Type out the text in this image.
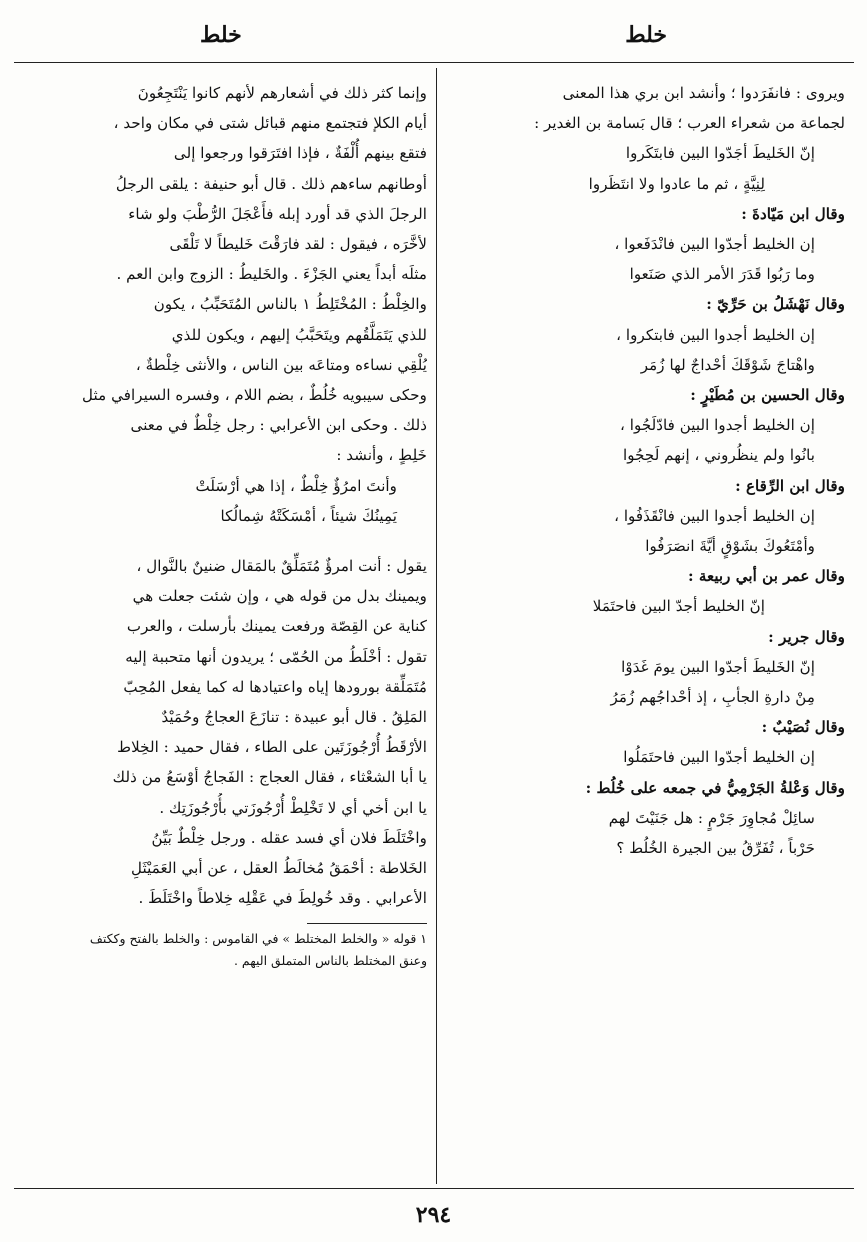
خلط
خلط
ويروى : فانفَرَدوا ؛ وأنشد ابن بري هذا المعنى
لجماعة من شعراء العرب ؛ قال بَسامة بن الغدير :
إنّ الخَليطَ أجَدّوا البين فابتَكَروا
لِنِيَّةٍ ، ثم ما عادوا ولا انتَظَروا
وقال ابن مَيّادةَ :
إن الخليط أجدّوا البين فانْدَفَعوا ،
وما رَبُوا قَدَرَ الأمر الذي صَنَعوا
وقال نَهْشَلُ بن حَرِّيّ :
إن الخليط أجدوا البين فابتكروا ،
واهْتاجَ شَوْقَكَ أحْداجٌ لها زُمَر
وقال الحسين بن مُطَيْرٍ :
إن الخليط أجدوا البين فادّلَجُوا ،
بانُوا ولم ينظُروني ، إنهم لَحِجُوا
وقال ابن الرِّقاع :
إن الخليط أجدوا البين فانْقَذَفُوا ،
وأمْتَعُوكَ بشَوْقٍ أيَّةَ انصَرَفُوا
وقال عمر بن أبي ربيعة :
إنّ الخليط أجدّ البين فاحتَمَلا
وقال جرير :
إنّ الخَليطَ أجدّوا البين يومَ غَدَوْا
مِنْ دارةِ الجأبِ ، إذ أحْداجُهم زُمَرُ
وقال نُصَيْبٌ :
إن الخليط أجدّوا البين فاحتَمَلُوا
وقال وَعْلةُ الجَرْمِيُّ في جمعه على خُلُط :
سائِلْ مُجاوِرَ جَرْمٍ : هل جَنَيْتَ لهم
حَرْباً ، تُفَرِّقُ بين الجيرة الخُلُط ؟
وإنما كثر ذلك في أشعارهم لأنهم كانوا يَنْتَجِعُونَ
أيام الكلإ فتجتمع منهم قبائل شتى في مكان واحد ،
فتقع بينهم أُلْفَةٌ ، فإذا افتَرَقوا ورجعوا إلى
أوطانهم ساءهم ذلك . قال أبو حنيفة : يلقى الرجلُ
الرجلَ الذي قد أورد إبله فأَعْجَلَ الرُّطْبَ ولو شاء
لأخَّرَه ، فيقول : لقد فارَقْتَ خَليطاً لا تَلْقَى
مثلَه أبداً يعني الجَزْءَ . والخَليطُ : الزوج وابن العم .
والخِلْطُ : المُخْتَلِطُ ١ بالناس المُتَحَبِّبُ ، يكون
للذي يَتَمَلَّقُهم ويتَحَبَّبُ إليهم ، ويكون للذي
يُلْقِي نساءه ومتاعَه بين الناس ، والأنثى خِلْطةٌ ،
وحكى سيبويه خُلُطٌ ، بضم اللام ، وفسره السيرافي مثل
ذلك . وحكى ابن الأعرابي : رجل خِلْطٌ في معنى
خَلِطٍ ، وأنشد :
وأنتَ امرُؤٌ خِلْطٌ ، إذا هي أرْسَلَتْ
يَمِينُكَ شيئاً ، أمْسَكَتْهُ شِمالُكا
يقول : أنت امرؤٌ مُتَمَلِّقٌ بالمَقال ضنينٌ بالنَّوال ،
ويمينك بدل من قوله هي ، وإن شئت جعلت هي
كناية عن القِصّة ورفعت يمينك بأرسلت ، والعرب
تقول : أخْلَطُ من الحُمّى ؛ يريدون أنها متحببة إليه
مُتَمَلِّقة بورودها إياه واعتيادها له كما يفعل المُحِبّ
المَلِقُ . قال أبو عبيدة : تنازَعَ العجاجُ وحُمَيْدٌ
الأرْقَطُ أُرْجُوزَتَين على الطاء ، فقال حميد : الخِلاط
يا أبا الشعْثاء ، فقال العجاج : الفَجاجُ أوْسَعُ من ذلك
يا ابن أخي أي لا تَخْلِطْ أُرْجُوزَتي بأُرْجُوزَتِك .
واخْتَلَطَ فلان أي فسد عقله . ورجل خِلْطٌ بَيِّنُ
الخَلاطة : أحْمَقُ مُخالَطُ العقل ، عن أبي العَمَيْثَلِ
الأعرابي . وقد خُولِطَ في عَقْلِه خِلاطاً واخْتَلَطَ .
١ قوله « والخلط المختلط » في القاموس : والخلط بالفتح وككتف
وعنق المختلط بالناس المتملق اليهم .
٢٩٤
